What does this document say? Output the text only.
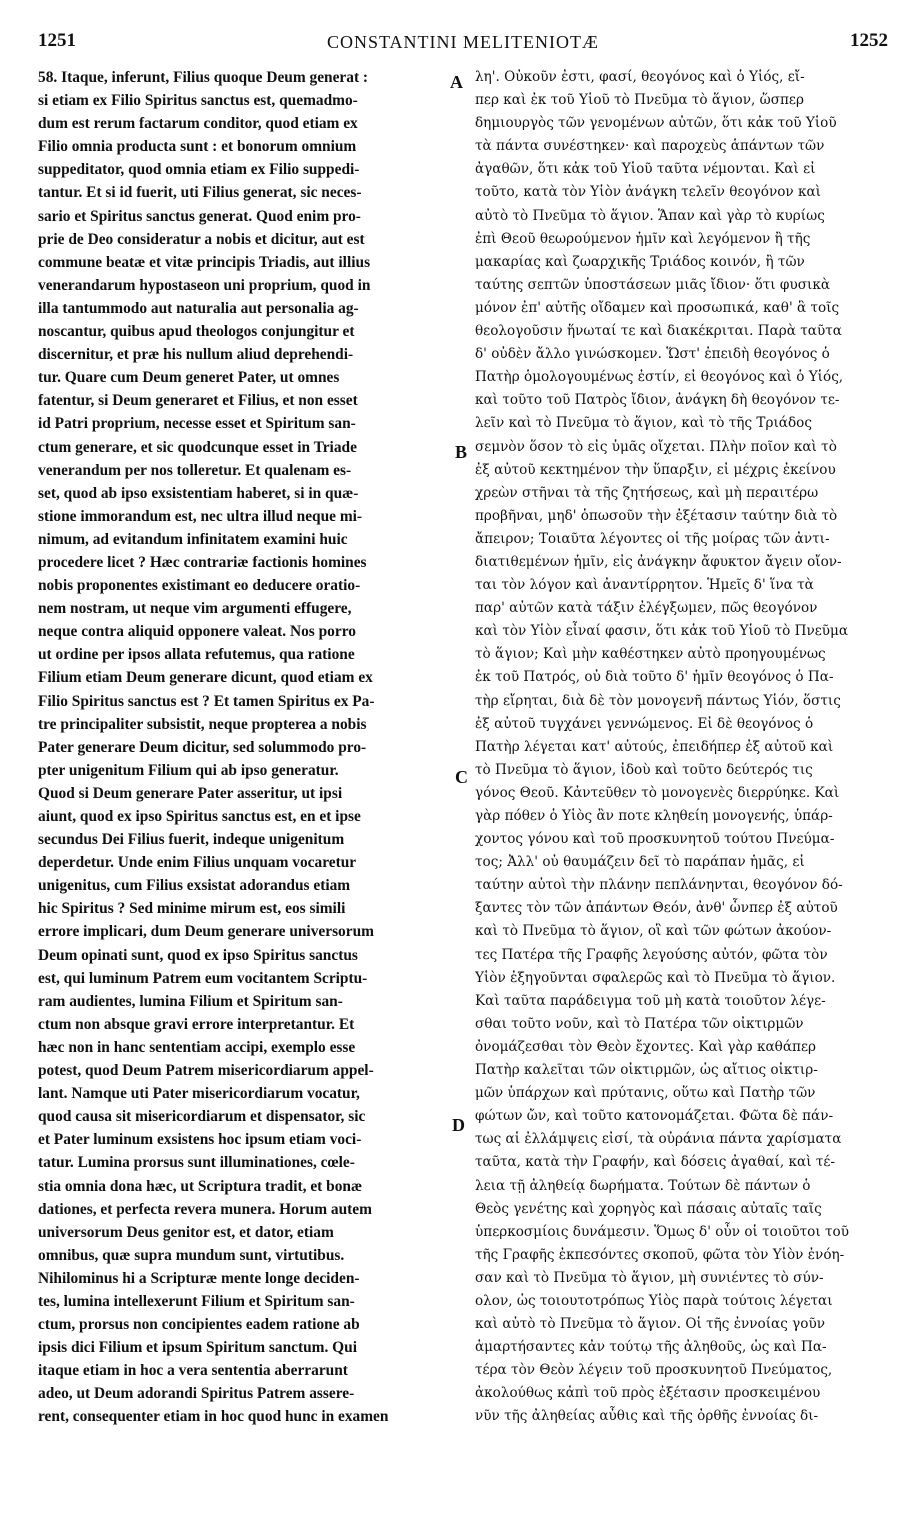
1251	CONSTANTINI MELITENIOTÆ	1252
58. Itaque, inferunt, Filius quoque Deum generat :
si etiam ex Filio Spiritus sanctus est, quemadmo-
dum est rerum factarum conditor, quod etiam ex
Filio omnia producta sunt : et bonorum omnium
suppeditator, quod omnia etiam ex Filio suppedi-
tantur. Et si id fuerit, uti Filius generat, sic neces-
sario et Spiritus sanctus generat. Quod enim pro-
prie de Deo consideratur a nobis et dicitur, aut est
commune beatæ et vitæ principis Triadis, aut illius
venerandarum hypostaseon uni proprium, quod in
illa tantummodo aut naturalia aut personalia ag-
noscantur, quibus apud theologos conjungitur et
discernitur, et præ his nullum aliud deprehendi-
tur. Quare cum Deum generet Pater, ut omnes
fatentur, si Deum generaret et Filius, et non esset
id Patri proprium, necesse esset et Spiritum san-
ctum generare, et sic quodcunque esset in Triade
venerandum per nos tolleretur. Et qualenam es-
set, quod ab ipso exsistentiam haberet, si in quæ-
stione immorandum est, nec ultra illud neque mi-
nimum, ad evitandum infinitatem examini huic
procedere licet ? Hæc contrariæ factionis homines
nobis proponentes existimant eo deducere oratio-
nem nostram, ut neque vim argumenti effugere,
neque contra aliquid opponere valeat. Nos porro
ut ordine per ipsos allata refutemus, qua ratione
Filium etiam Deum generare dicunt, quod etiam ex
Filio Spiritus sanctus est ? Et tamen Spiritus ex Pa-
tre principaliter subsistit, neque propterea a nobis
Pater generare Deum dicitur, sed solummodo pro-
pter unigenitum Filium qui ab ipso generatur.
Quod si Deum generare Pater asseritur, ut ipsi
aiunt, quod ex ipso Spiritus sanctus est, en et ipse
secundus Dei Filius fuerit, indeque unigenitum
deperdetur. Unde enim Filius unquam vocaretur
unigenitus, cum Filius exsistat adorandus etiam
hic Spiritus ? Sed minime mirum est, eos simili
errore implicari, dum Deum generare universorum
Deum opinati sunt, quod ex ipso Spiritus sanctus
est, qui luminum Patrem eum vocitantem Scriptu-
ram audientes, lumina Filium et Spiritum san-
ctum non absque gravi errore interpretantur. Et
hæc non in hanc sententiam accipi, exemplo esse
potest, quod Deum Patrem misericordiarum appel-
lant. Namque uti Pater misericordiarum vocatur,
quod causa sit misericordiarum et dispensator, sic
et Pater luminum exsistens hoc ipsum etiam voci-
tatur. Lumina prorsus sunt illuminationes, cœle-
stia omnia dona hæc, ut Scriptura tradit, et bonæ
dationes, et perfecta revera munera. Horum autem
universorum Deus genitor est, et dator, etiam
omnibus, quæ supra mundum sunt, virtutibus.
Nihilominus hi a Scripturæ mente longe deciden-
tes, lumina intellexerunt Filium et Spiritum san-
ctum, prorsus non concipientes eadem ratione ab
ipsis dici Filium et ipsum Spiritum sanctum. Qui
itaque etiam in hoc a vera sententia aberrarunt
adeo, ut Deum adorandi Spiritus Patrem assere-
rent, consequenter etiam in hoc quod hunc in examen
λη'. Οὐκοῦν ἐστι, φασί, θεογόνος καὶ ὁ Υἱός, εἴ-
περ καὶ ἐκ τοῦ Υἱοῦ τὸ Πνεῦμα τὸ ἅγιον, ὥσπερ
δημιουργὸς τῶν γενομένων αὐτῶν, ὅτι κἀκ τοῦ Υἱοῦ
τὰ πάντα συνέστηκεν· καὶ παροχεὺς ἁπάντων τῶν
ἀγαθῶν, ὅτι κἀκ τοῦ Υἱοῦ ταῦτα νέμονται. Καὶ εἰ
τοῦτο, κατὰ τὸν Υἱὸν ἀνάγκη τελεῖν θεογόνον καὶ
αὐτὸ τὸ Πνεῦμα τὸ ἅγιον. Ἅπαν καὶ γὰρ τὸ κυρίως
ἐπὶ Θεοῦ θεωρούμενον ἡμῖν καὶ λεγόμενον ἢ τῆς
μακαρίας καὶ ζωαρχικῆς Τριάδος κοινόν, ἢ τῶν
ταύτης σεπτῶν ὑποστάσεων μιᾶς ἴδιον· ὅτι φυσικὰ
μόνον ἐπ' αὐτῆς οἴδαμεν καὶ προσωπικά, καθ' ἃ τοῖς
θεολογοῦσιν ἥνωταί τε καὶ διακέκριται. Παρὰ ταῦτα
δ' οὐδὲν ἄλλο γινώσκομεν. Ὥστ' ἐπειδὴ θεογόνος ὁ
Πατὴρ ὁμολογουμένως ἐστίν, εἰ θεογόνος καὶ ὁ Υἱός,
καὶ τοῦτο τοῦ Πατρὸς ἴδιον, ἀνάγκη δὴ θεογόνον τε-
λεῖν καὶ τὸ Πνεῦμα τὸ ἅγιον, καὶ τὸ τῆς Τριάδος
σεμνὸν ὅσον τὸ εἰς ὑμᾶς οἴχεται. Πλὴν ποῖον καὶ τὸ
ἐξ αὐτοῦ κεκτημένον τὴν ὕπαρξιν, εἰ μέχρις ἐκείνου
χρεὼν στῆναι τὰ τῆς ζητήσεως, καὶ μὴ περαιτέρω
προβῆναι, μηδ' ὁπωσοῦν τὴν ἐξέτασιν ταύτην διὰ τὸ
ἄπειρον; Τοιαῦτα λέγοντες οἱ τῆς μοίρας τῶν ἀντι-
διατιθεμένων ἡμῖν, εἰς ἀνάγκην ἄφυκτον ἄγειν οἴον-
ται τὸν λόγον καὶ ἀναντίρρητον. Ἡμεῖς δ' ἵνα τὰ
παρ' αὐτῶν κατὰ τάξιν ἐλέγξωμεν, πῶς θεογόνον
καὶ τὸν Υἱὸν εἶναί φασιν, ὅτι κἀκ τοῦ Υἱοῦ τὸ Πνεῦμα
τὸ ἅγιον; Καὶ μὴν καθέστηκεν αὐτὸ προηγουμένως
ἐκ τοῦ Πατρός, οὐ διὰ τοῦτο δ' ἡμῖν θεογόνος ὁ Πα-
τὴρ εἴρηται, διὰ δὲ τὸν μονογενῆ πάντως Υἱόν, ὅστις
ἐξ αὐτοῦ τυγχάνει γεννώμενος. Εἰ δὲ θεογόνος ὁ
Πατὴρ λέγεται κατ' αὐτούς, ἐπειδήπερ ἐξ αὐτοῦ καὶ
τὸ Πνεῦμα τὸ ἅγιον, ἰδοὺ καὶ τοῦτο δεύτερός τις
γόνος Θεοῦ. Κἀντεῦθεν τὸ μονογενὲς διερρύηκε. Καὶ
γὰρ πόθεν ὁ Υἱὸς ἂν ποτε κληθείη μονογενής, ὑπάρ-
χοντος γόνου καὶ τοῦ προσκυνητοῦ τούτου Πνεύμα-
τος; Ἀλλ' οὐ θαυμάζειν δεῖ τὸ παράπαν ἡμᾶς, εἰ
ταύτην αὐτοὶ τὴν πλάνην πεπλάνηνται, θεογόνον δό-
ξαντες τὸν τῶν ἁπάντων Θεόν, ἀνθ' ὧνπερ ἐξ αὐτοῦ
καὶ τὸ Πνεῦμα τὸ ἅγιον, οἳ καὶ τῶν φώτων ἀκούον-
τες Πατέρα τῆς Γραφῆς λεγούσης αὐτόν, φῶτα τὸν
Υἱὸν ἐξηγοῦνται σφαλερῶς καὶ τὸ Πνεῦμα τὸ ἅγιον.
Καὶ ταῦτα παράδειγμα τοῦ μὴ κατὰ τοιοῦτον λέγε-
σθαι τοῦτο νοῦν, καὶ τὸ Πατέρα τῶν οἰκτιρμῶν
ὀνομάζεσθαι τὸν Θεὸν ἔχοντες. Καὶ γὰρ καθάπερ
Πατὴρ καλεῖται τῶν οἰκτιρμῶν, ὡς αἴτιος οἰκτιρ-
μῶν ὑπάρχων καὶ πρύτανις, οὕτω καὶ Πατὴρ τῶν
φώτων ὤν, καὶ τοῦτο κατονομάζεται. Φῶτα δὲ πάν-
τως αἱ ἐλλάμψεις εἰσί, τὰ οὐράνια πάντα χαρίσματα
ταῦτα, κατὰ τὴν Γραφήν, καὶ δόσεις ἀγαθαί, καὶ τέ-
λεια τῇ ἀληθείᾳ δωρήματα. Τούτων δὲ πάντων ὁ
Θεὸς γενέτης καὶ χορηγὸς καὶ πάσαις αὐταῖς ταῖς
ὑπερκοσμίοις δυνάμεσιν. Ὅμως δ' οὖν οἱ τοιοῦτοι τοῦ
τῆς Γραφῆς ἐκπεσόντες σκοποῦ, φῶτα τὸν Υἱὸν ἐνόη-
σαν καὶ τὸ Πνεῦμα τὸ ἅγιον, μὴ συνιέντες τὸ σύν-
ολον, ὡς τοιουτοτρόπως Υἱὸς παρὰ τούτοις λέγεται
καὶ αὐτὸ τὸ Πνεῦμα τὸ ἅγιον. Οἱ τῆς ἐννοίας γοῦν
ἁμαρτήσαντες κἀν τούτῳ τῆς ἀληθοῦς, ὡς καὶ Πα-
τέρα τὸν Θεὸν λέγειν τοῦ προσκυνητοῦ Πνεύματος,
ἀκολούθως κἀπὶ τοῦ πρὸς ἐξέτασιν προσκειμένου
νῦν τῆς ἀληθείας αὖθις καὶ τῆς ὀρθῆς ἐννοίας δι-
A
B
C
D
